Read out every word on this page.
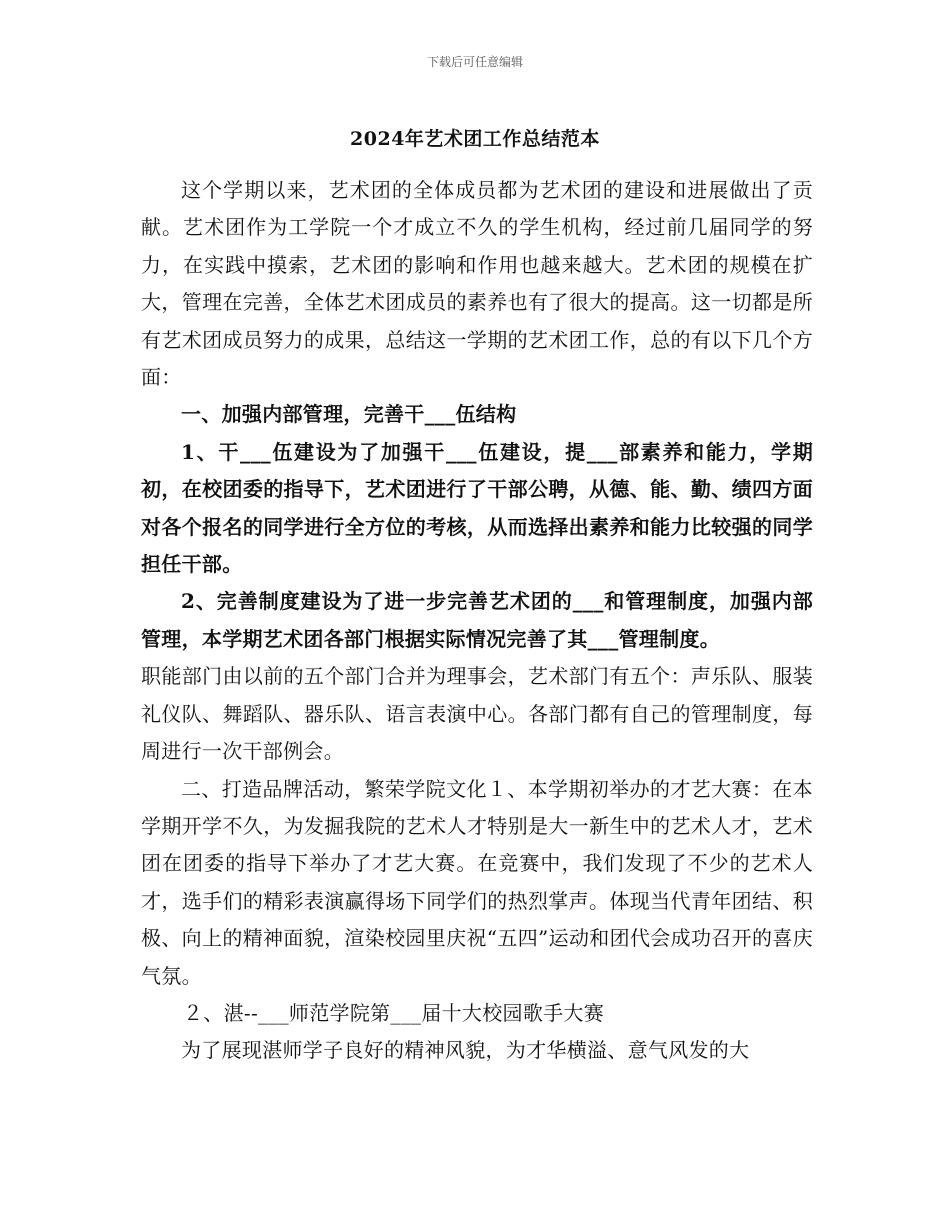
下载后可任意编辑
2024年艺术团工作总结范本

这个学期以来，艺术团的全体成员都为艺术团的建设和进展做出了贡献。艺术团作为工学院一个才成立不久的学生机构，经过前几届同学的努力，在实践中摸索，艺术团的影响和作用也越来越大。艺术团的规模在扩大，管理在完善，全体艺术团成员的素养也有了很大的提高。这一切都是所有艺术团成员努力的成果，总结这一学期的艺术团工作，总的有以下几个方面：

一、加强内部管理，完善干___伍结构

1、干___伍建设为了加强干___伍建设，提___部素养和能力，学期初，在校团委的指导下，艺术团进行了干部公聘，从德、能、勤、绩四方面对各个报名的同学进行全方位的考核，从而选择出素养和能力比较强的同学担任干部。

2、完善制度建设为了进一步完善艺术团的___和管理制度，加强内部管理，本学期艺术团各部门根据实际情况完善了其___管理制度。

职能部门由以前的五个部门合并为理事会，艺术部门有五个：声乐队、服装礼仪队、舞蹈队、器乐队、语言表演中心。各部门都有自己的管理制度，每周进行一次干部例会。

二、打造品牌活动，繁荣学院文化１、本学期初举办的才艺大赛：在本学期开学不久，为发掘我院的艺术人才特别是大一新生中的艺术人才，艺术团在团委的指导下举办了才艺大赛。在竞赛中，我们发现了不少的艺术人才，选手们的精彩表演赢得场下同学们的热烈掌声。体现当代青年团结、积极、向上的精神面貌，渲染校园里庆祝“五四”运动和团代会成功召开的喜庆气氛。

２、湛--___师范学院第___届十大校园歌手大赛

为了展现湛师学子良好的精神风貌，为才华横溢、意气风发的大
